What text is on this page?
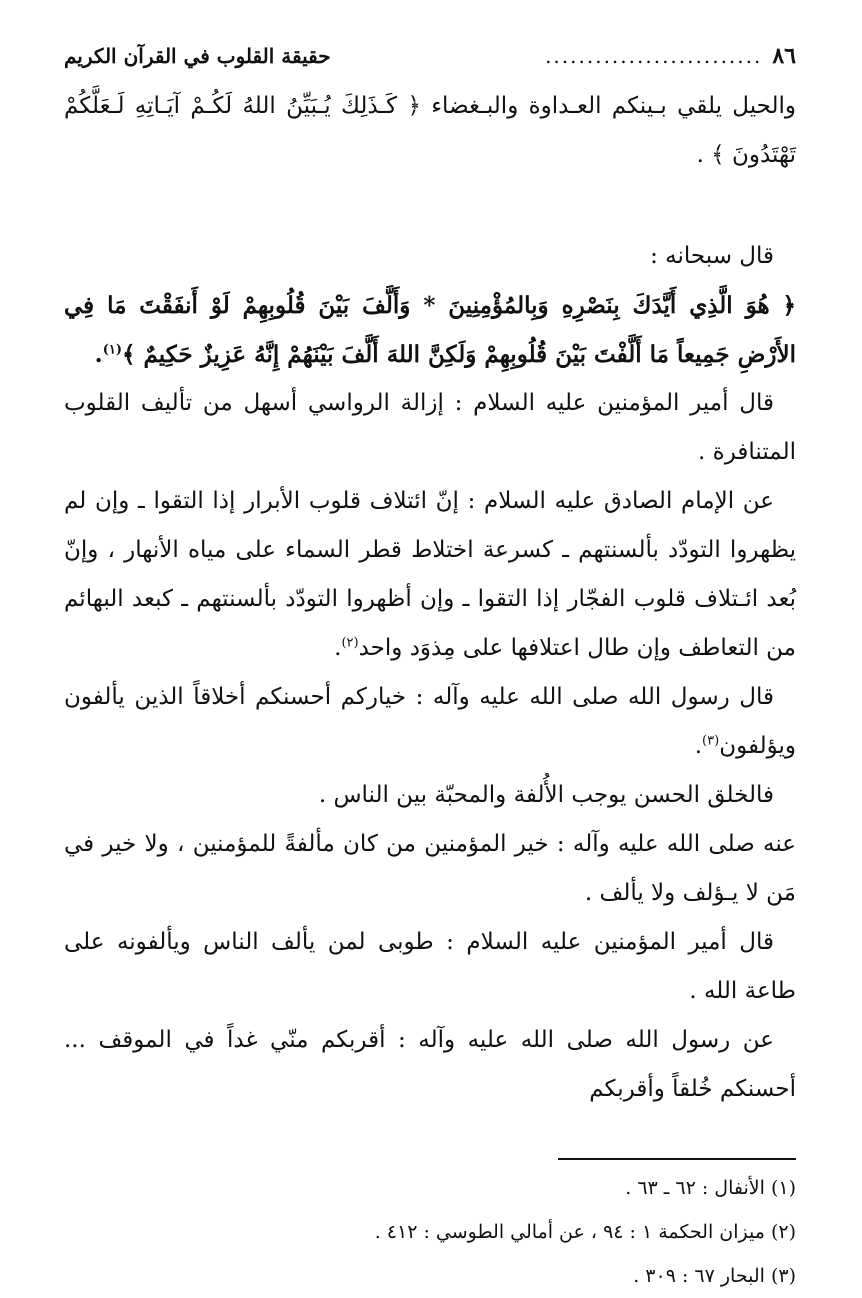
٨٦
..........................
حقيقة القلوب في القرآن الكريم

والحيل يلقي بـينكم العـداوة والبـغضاء ﴿ كَـذَلِكَ يُـبَيِّنُ اللهُ لَكُـمْ آيَـاتِهِ لَـعَلَّكُمْ تَهْتَدُونَ ﴾ .

قال سبحانه :

﴿ هُوَ الَّذِي أَيَّدَكَ بِنَصْرِهِ وَبِالمُؤْمِنِينَ * وَأَلَّفَ بَيْنَ قُلُوبِهِمْ لَوْ أَنفَقْتَ مَا فِي الأَرْضِ جَمِيعاً مَا أَلَّفْتَ بَيْنَ قُلُوبِهِمْ وَلَكِنَّ اللهَ أَلَّفَ بَيْنَهُمْ إِنَّهُ عَزِيزٌ حَكِيمٌ ﴾$^{(١)}$.

قال أمير المؤمنين عليه السلام : إزالة الرواسي أسهل من تأليف القلوب المتنافرة .

عن الإمام الصادق عليه السلام : إنّ ائتلاف قلوب الأبرار إذا التقوا ـ وإن لم يظهروا التودّد بألسنتهم ـ كسرعة اختلاط قطر السماء على مياه الأنهار ، وإنّ بُعد ائـتلاف قلوب الفجّار إذا التقوا ـ وإن أظهروا التودّد بألسنتهم ـ كبعد البهائم من التعاطف وإن طال اعتلافها على مِذوَد واحد$^{(٢)}$.

قال رسول الله صلى الله عليه وآله : خياركم أحسنكم أخلاقاً الذين يألفون ويؤلفون$^{(٣)}$.

فالخلق الحسن يوجب الأُلفة والمحبّة بين الناس .

عنه صلى الله عليه وآله : خير المؤمنين من كان مألفةً للمؤمنين ، ولا خير في مَن لا يـؤلف ولا يألف .

قال أمير المؤمنين عليه السلام : طوبى لمن يألف الناس ويألفونه على طاعة الله .

عن رسول الله صلى الله عليه وآله : أقربكم منّي غداً في الموقف ... أحسنكم خُلقاً وأقربكم

(١) الأنفال : ٦٢ ـ ٦٣ .

(٢) ميزان الحكمة ١ : ٩٤ ، عن أمالي الطوسي : ٤١٢ .

(٣) البحار ٦٧ : ٣٠٩ .
